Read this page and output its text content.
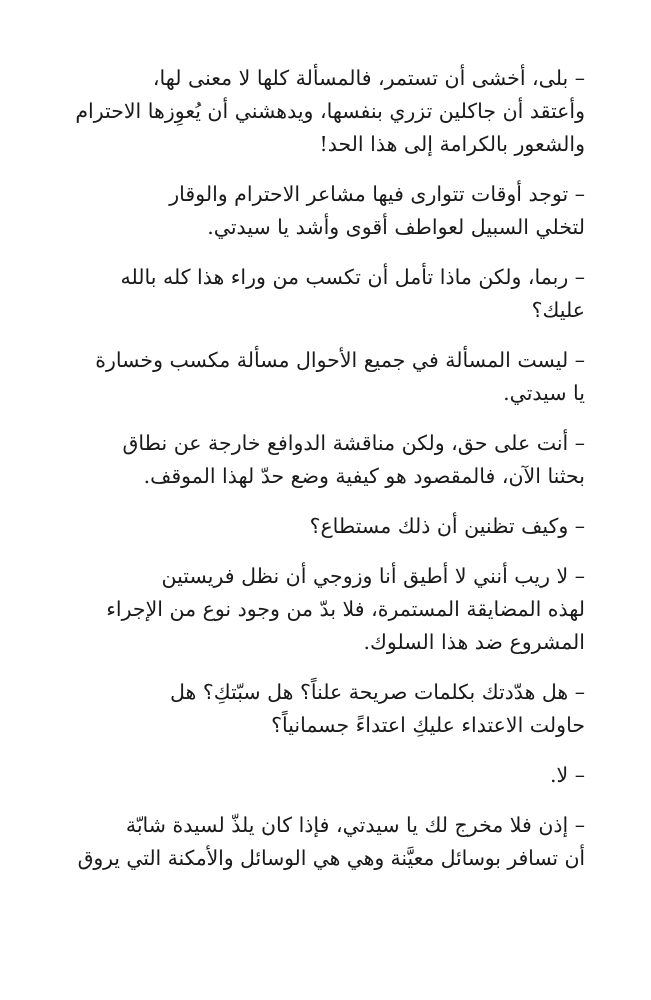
– بلى، أخشى أن تستمر، فالمسألة كلها لا معنى لها،
وأعتقد أن جاكلين تزري بنفسها، ويدهشني أن يُعوِزها الاحترام
والشعور بالكرامة إلى هذا الحد!

– توجد أوقات تتوارى فيها مشاعر الاحترام والوقار
لتخلي السبيل لعواطف أقوى وأشد يا سيدتي.

– ربما، ولكن ماذا تأمل أن تكسب من وراء هذا كله بالله
عليك؟

– ليست المسألة في جميع الأحوال مسألة مكسب وخسارة
يا سيدتي.

– أنت على حق، ولكن مناقشة الدوافع خارجة عن نطاق
بحثنا الآن، فالمقصود هو كيفية وضع حدّ لهذا الموقف.

– وكيف تظنين أن ذلك مستطاع؟

– لا ريب أنني لا أطيق أنا وزوجي أن نظل فريستين
لهذه المضايقة المستمرة، فلا بدّ من وجود نوع من الإجراء
المشروع ضد هذا السلوك.

– هل هدّدتك بكلمات صريحة علناً؟ هل سبّتكِ؟ هل
حاولت الاعتداء عليكِ اعتداءً جسمانياً؟

– لا.

– إذن فلا مخرج لك يا سيدتي، فإذا كان يلذّ لسيدة شابّة
أن تسافر بوسائل معيَّنة وهي هي الوسائل والأمكنة التي يروق
